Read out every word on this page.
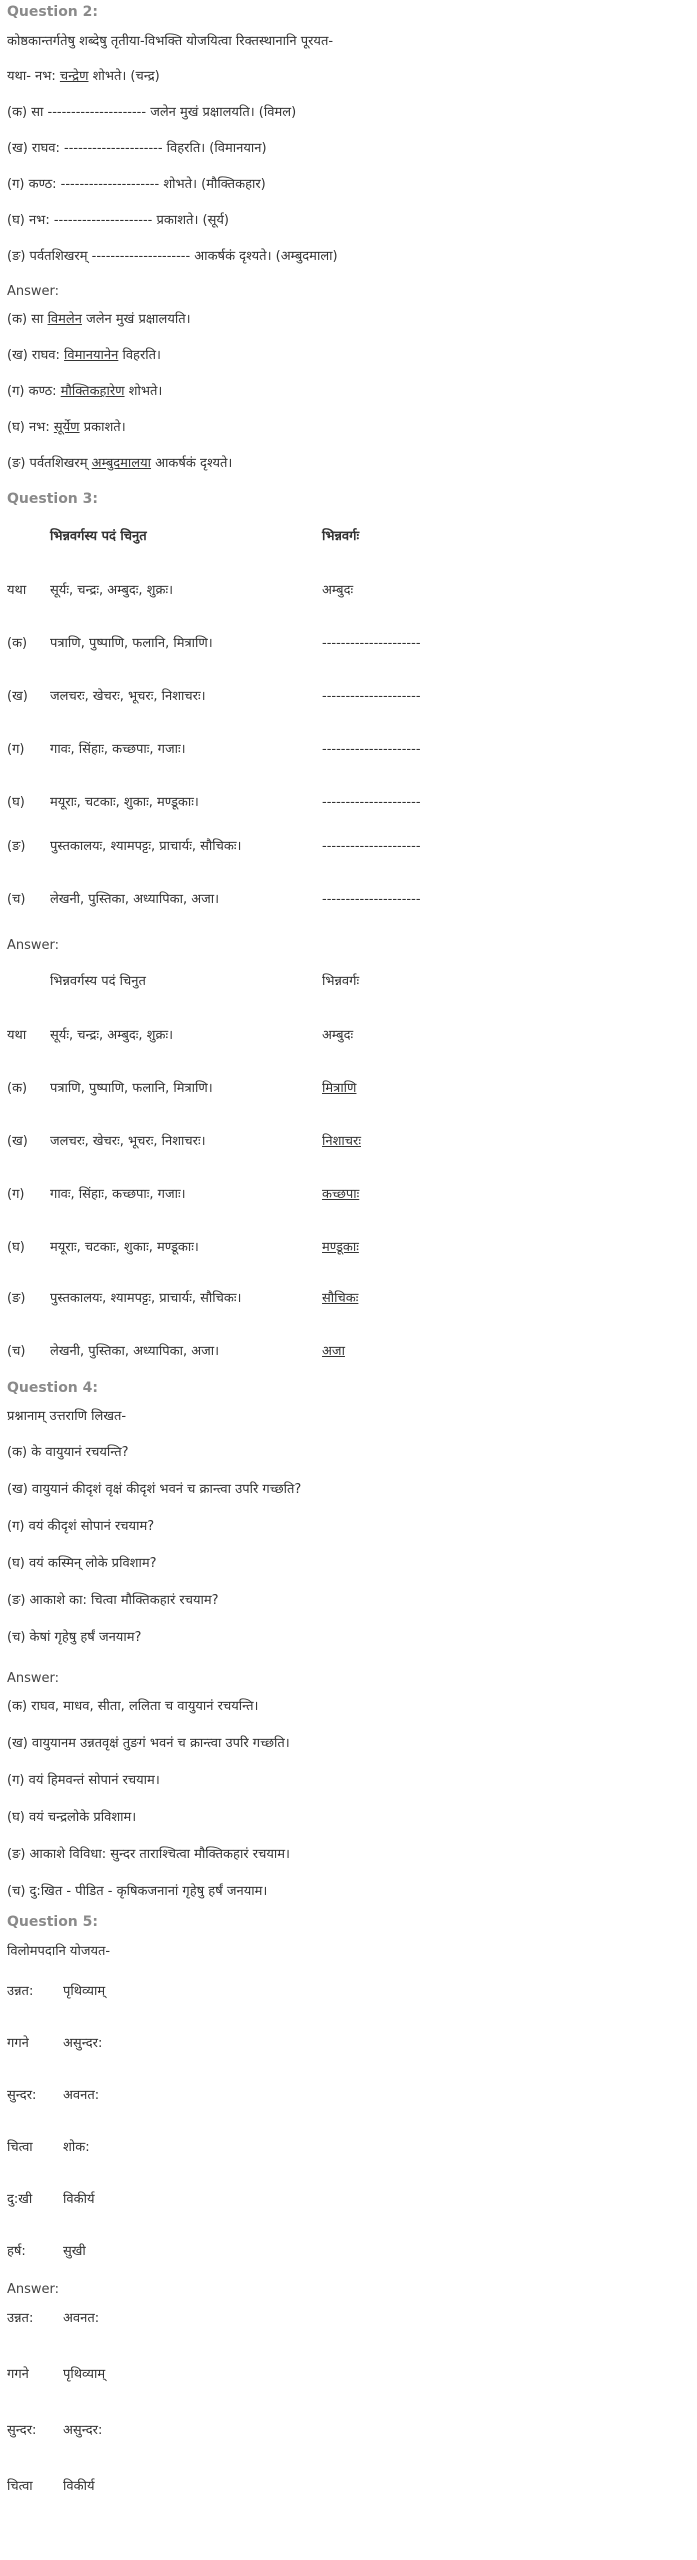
Question 2:
कोष्ठकान्तर्गतेषु शब्देषु तृतीया-विभक्ति योजयित्वा रिक्तस्थानानि पूरयत-
यथा- नभ: चन्द्रेण शोभते। (चन्द्र)
(क) सा --------------------- जलेन मुखं प्रक्षालयति। (विमल)
(ख) राघव: --------------------- विहरति। (विमानयान)
(ग) कण्ठ: --------------------- शोभते। (मौक्तिकहार)
(घ) नभ: --------------------- प्रकाशते। (सूर्य)
(ङ) पर्वतशिखरम् --------------------- आकर्षकं दृश्यते। (अम्बुदमाला)
Answer:
(क) सा विमलेन जलेन मुखं प्रक्षालयति।
(ख) राघव: विमानयानेन विहरति।
(ग) कण्ठ: मौक्तिकहारेण शोभते।
(घ) नभ: सूर्येण प्रकाशते।
(ङ) पर्वतशिखरम् अम्बुदमालया आकर्षकं दृश्यते।
Question 3:
भिन्नवर्गस्य पदं चिनुत	भिन्नवर्गः
यथा सूर्यः, चन्द्रः, अम्बुदः, शुक्रः।	अम्बुदः
(क) पत्राणि, पुष्पाणि, फलानि, मित्राणि।	---------------------
(ख) जलचरः, खेचरः, भूचरः, निशाचरः।	---------------------
(ग) गावः, सिंहाः, कच्छपाः, गजाः।	---------------------
(घ) मयूराः, चटकाः, शुकाः, मण्डूकाः।	---------------------
(ङ) पुस्तकालयः, श्यामपट्टः, प्राचार्यः, सौचिकः।	---------------------
(च) लेखनी, पुस्तिका, अध्यापिका, अजा।	---------------------
Answer:
भिन्नवर्गस्य पदं चिनुत	भिन्नवर्गः
यथा सूर्यः, चन्द्रः, अम्बुदः, शुक्रः।	अम्बुदः
(क) पत्राणि, पुष्पाणि, फलानि, मित्राणि।	मित्राणि
(ख) जलचरः, खेचरः, भूचरः, निशाचरः।	निशाचरः
(ग) गावः, सिंहाः, कच्छपाः, गजाः।	कच्छपाः
(घ) मयूराः, चटकाः, शुकाः, मण्डूकाः।	मण्डूकाः
(ङ) पुस्तकालयः, श्यामपट्टः, प्राचार्यः, सौचिकः।	सौचिकः
(च) लेखनी, पुस्तिका, अध्यापिका, अजा।	अजा
Question 4:
प्रश्नानाम् उत्तराणि लिखत-
(क) के वायुयानं रचयन्ति?
(ख) वायुयानं कीदृशं वृक्षं कीदृशं भवनं च क्रान्त्वा उपरि गच्छति?
(ग) वयं कीदृशं सोपानं रचयाम?
(घ) वयं कस्मिन् लोके प्रविशाम?
(ङ) आकाशे का: चित्वा मौक्तिकहारं रचयाम?
(च) केषां गृहेषु हर्षं जनयाम?
Answer:
(क) राघव, माधव, सीता, ललिता च वायुयानं रचयन्ति।
(ख) वायुयानम उन्नतवृक्षं तुङगं भवनं च क्रान्त्वा उपरि गच्छति।
(ग) वयं हिमवन्तं सोपानं रचयाम।
(घ) वयं चन्द्रलोके प्रविशाम।
(ङ) आकाशे विविधा: सुन्दर ताराश्चित्वा मौक्तिकहारं रचयाम।
(च) दु:खित - पीडित - कृषिकजनानां गृहेषु हर्षं जनयाम।
Question 5:
विलोमपदानि योजयत-
उन्नत: पृथिव्याम्
गगने	असुन्दर:
सुन्दर: अवनत:
चित्वा शोक:
दु:खी विकीर्य
हर्ष:	सुखी
Answer:
उन्नत: अवनत:
गगने	पृथिव्याम्
सुन्दर: असुन्दर:
चित्वा विकीर्य
